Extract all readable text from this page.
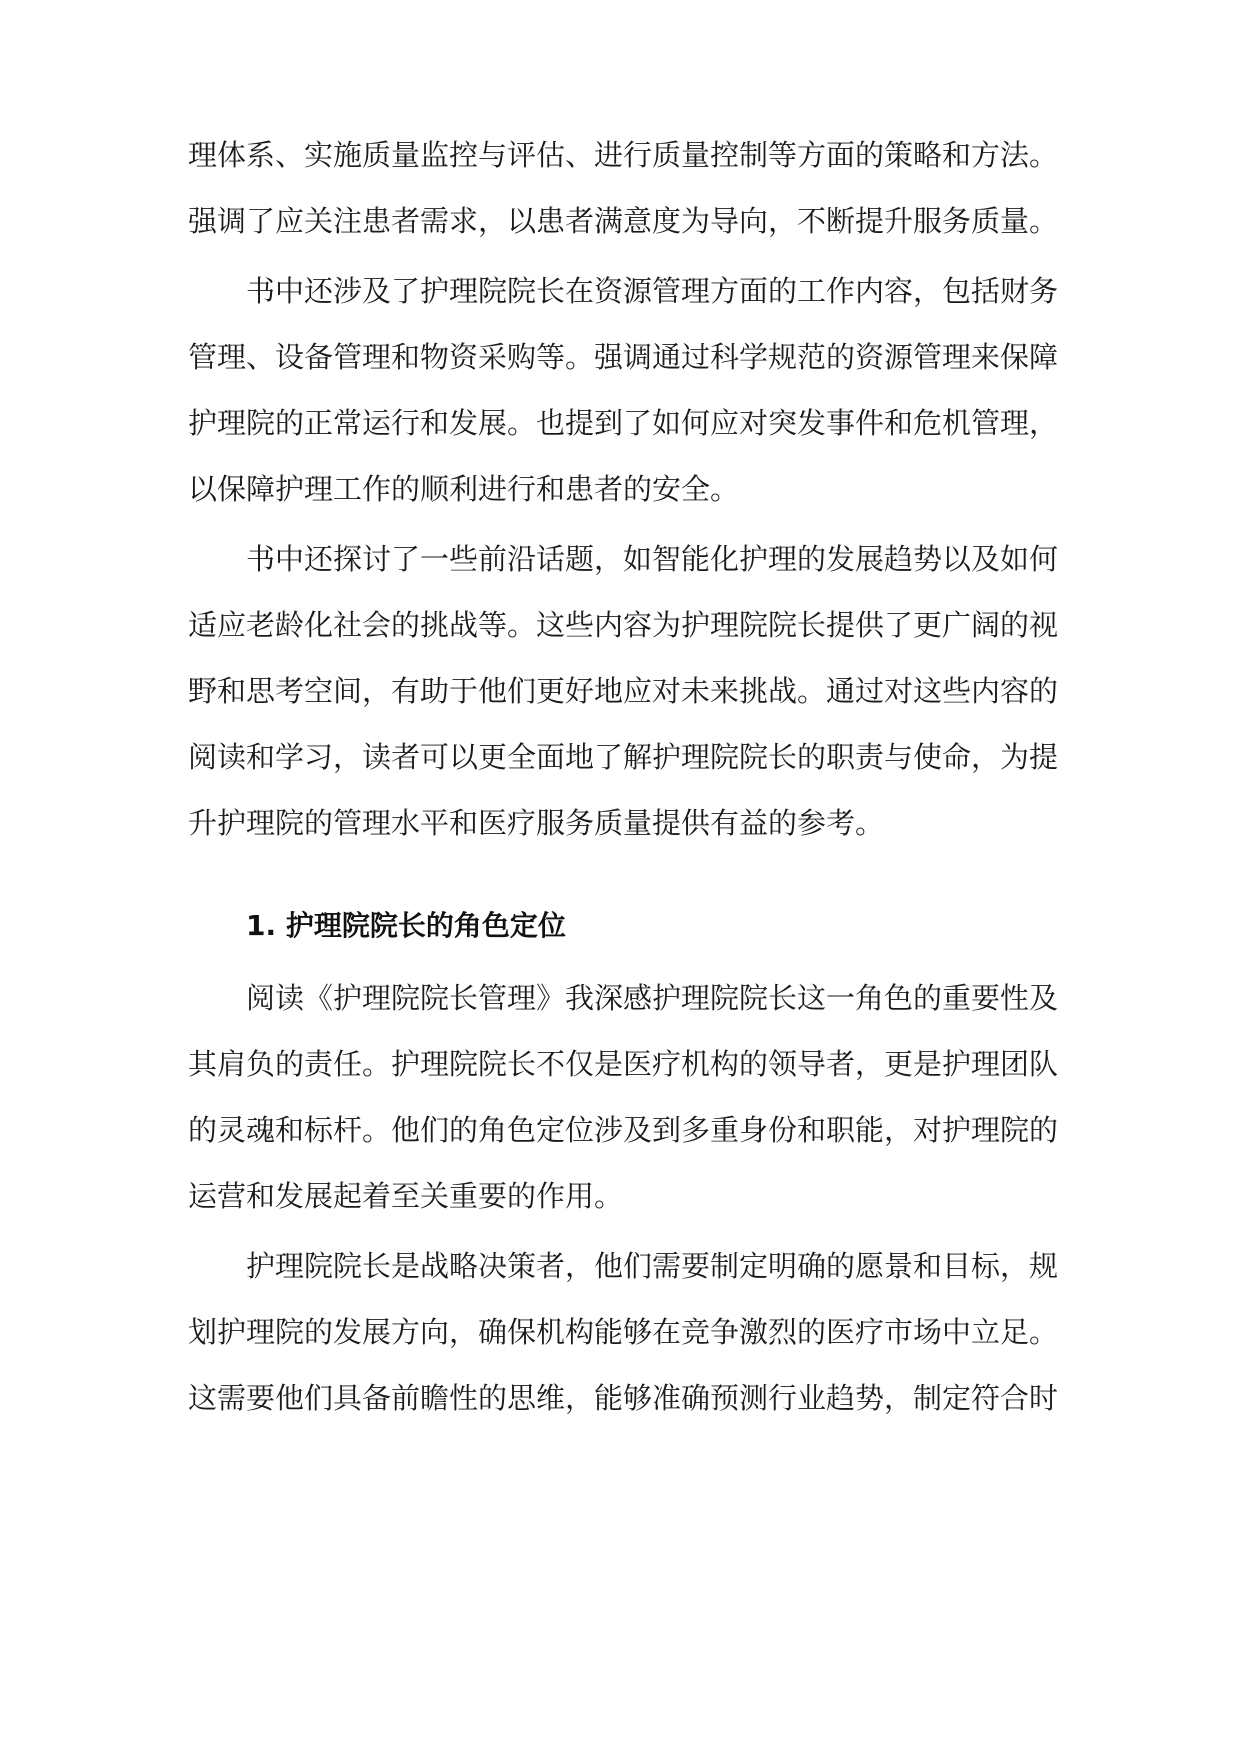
理体系、实施质量监控与评估、进行质量控制等方面的策略和方法。
强调了应关注患者需求，以患者满意度为导向，不断提升服务质量。
书中还涉及了护理院院长在资源管理方面的工作内容，包括财务
管理、设备管理和物资采购等。强调通过科学规范的资源管理来保障
护理院的正常运行和发展。也提到了如何应对突发事件和危机管理，
以保障护理工作的顺利进行和患者的安全。
书中还探讨了一些前沿话题，如智能化护理的发展趋势以及如何
适应老龄化社会的挑战等。这些内容为护理院院长提供了更广阔的视
野和思考空间，有助于他们更好地应对未来挑战。通过对这些内容的
阅读和学习，读者可以更全面地了解护理院院长的职责与使命，为提
升护理院的管理水平和医疗服务质量提供有益的参考。
1. 护理院院长的角色定位
阅读《护理院院长管理》我深感护理院院长这一角色的重要性及
其肩负的责任。护理院院长不仅是医疗机构的领导者，更是护理团队
的灵魂和标杆。他们的角色定位涉及到多重身份和职能，对护理院的
运营和发展起着至关重要的作用。
护理院院长是战略决策者，他们需要制定明确的愿景和目标，规
划护理院的发展方向，确保机构能够在竞争激烈的医疗市场中立足。
这需要他们具备前瞻性的思维，能够准确预测行业趋势，制定符合时
